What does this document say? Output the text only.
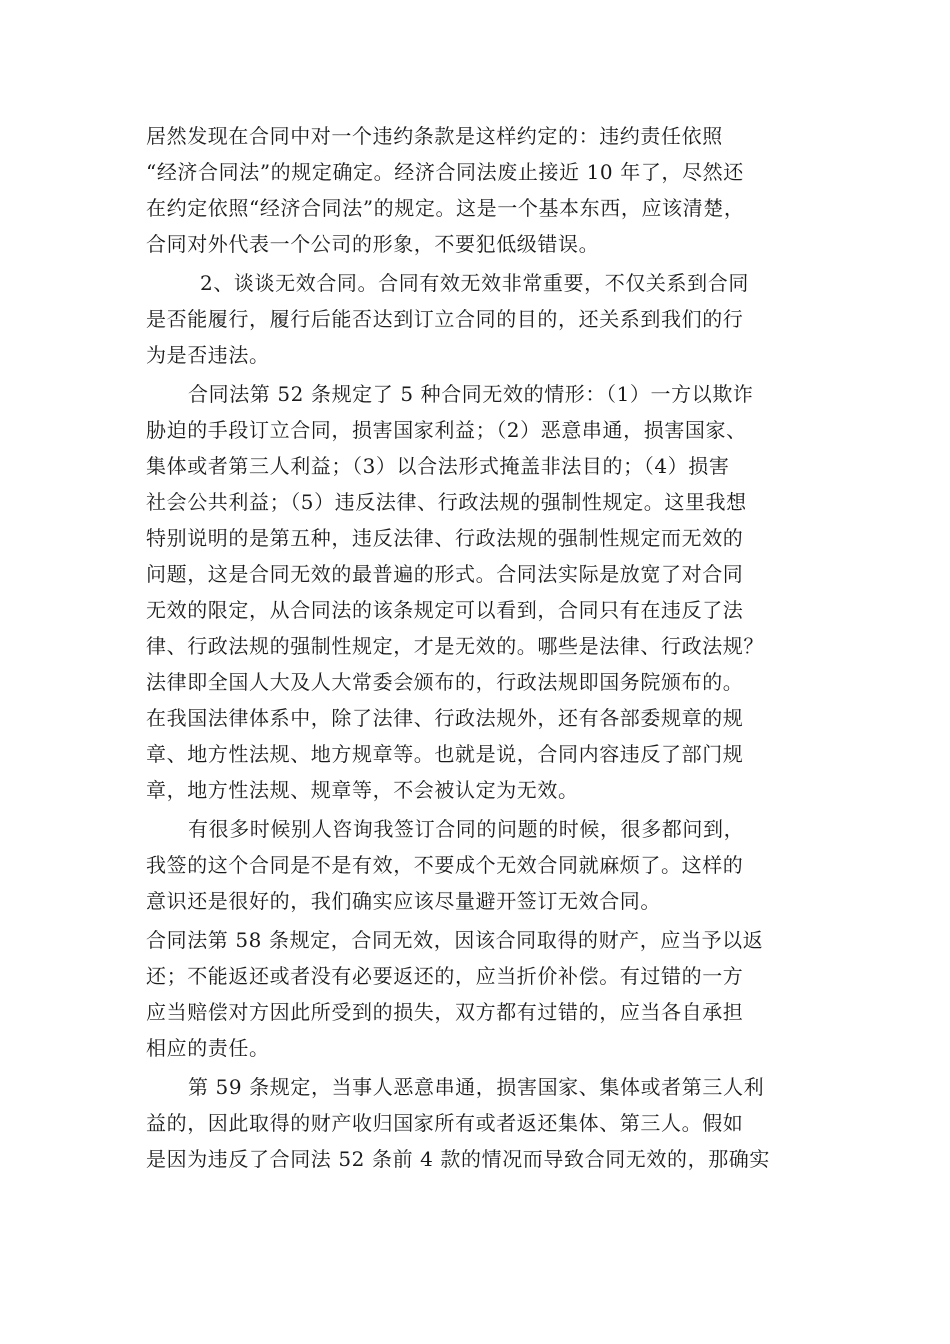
居然发现在合同中对一个违约条款是这样约定的：违约责任依照
“经济合同法”的规定确定。经济合同法废止接近 10 年了，尽然还
在约定依照“经济合同法”的规定。这是一个基本东西，应该清楚，
合同对外代表一个公司的形象，不要犯低级错误。
2、谈谈无效合同。合同有效无效非常重要，不仅关系到合同
是否能履行，履行后能否达到订立合同的目的，还关系到我们的行
为是否违法。
合同法第 52 条规定了 5 种合同无效的情形：（1）一方以欺诈
胁迫的手段订立合同，损害国家利益；（2）恶意串通，损害国家、
集体或者第三人利益；（3）以合法形式掩盖非法目的；（4）损害
社会公共利益；（5）违反法律、行政法规的强制性规定。这里我想
特别说明的是第五种，违反法律、行政法规的强制性规定而无效的
问题，这是合同无效的最普遍的形式。合同法实际是放宽了对合同
无效的限定，从合同法的该条规定可以看到，合同只有在违反了法
律、行政法规的强制性规定，才是无效的。哪些是法律、行政法规？
法律即全国人大及人大常委会颁布的，行政法规即国务院颁布的。
在我国法律体系中，除了法律、行政法规外，还有各部委规章的规
章、地方性法规、地方规章等。也就是说，合同内容违反了部门规
章，地方性法规、规章等，不会被认定为无效。
有很多时候别人咨询我签订合同的问题的时候，很多都问到，
我签的这个合同是不是有效，不要成个无效合同就麻烦了。这样的
意识还是很好的，我们确实应该尽量避开签订无效合同。
合同法第 58 条规定，合同无效，因该合同取得的财产，应当予以返
还；不能返还或者没有必要返还的，应当折价补偿。有过错的一方
应当赔偿对方因此所受到的损失，双方都有过错的，应当各自承担
相应的责任。
第 59 条规定，当事人恶意串通，损害国家、集体或者第三人利
益的，因此取得的财产收归国家所有或者返还集体、第三人。假如
是因为违反了合同法 52 条前 4 款的情况而导致合同无效的，那确实
